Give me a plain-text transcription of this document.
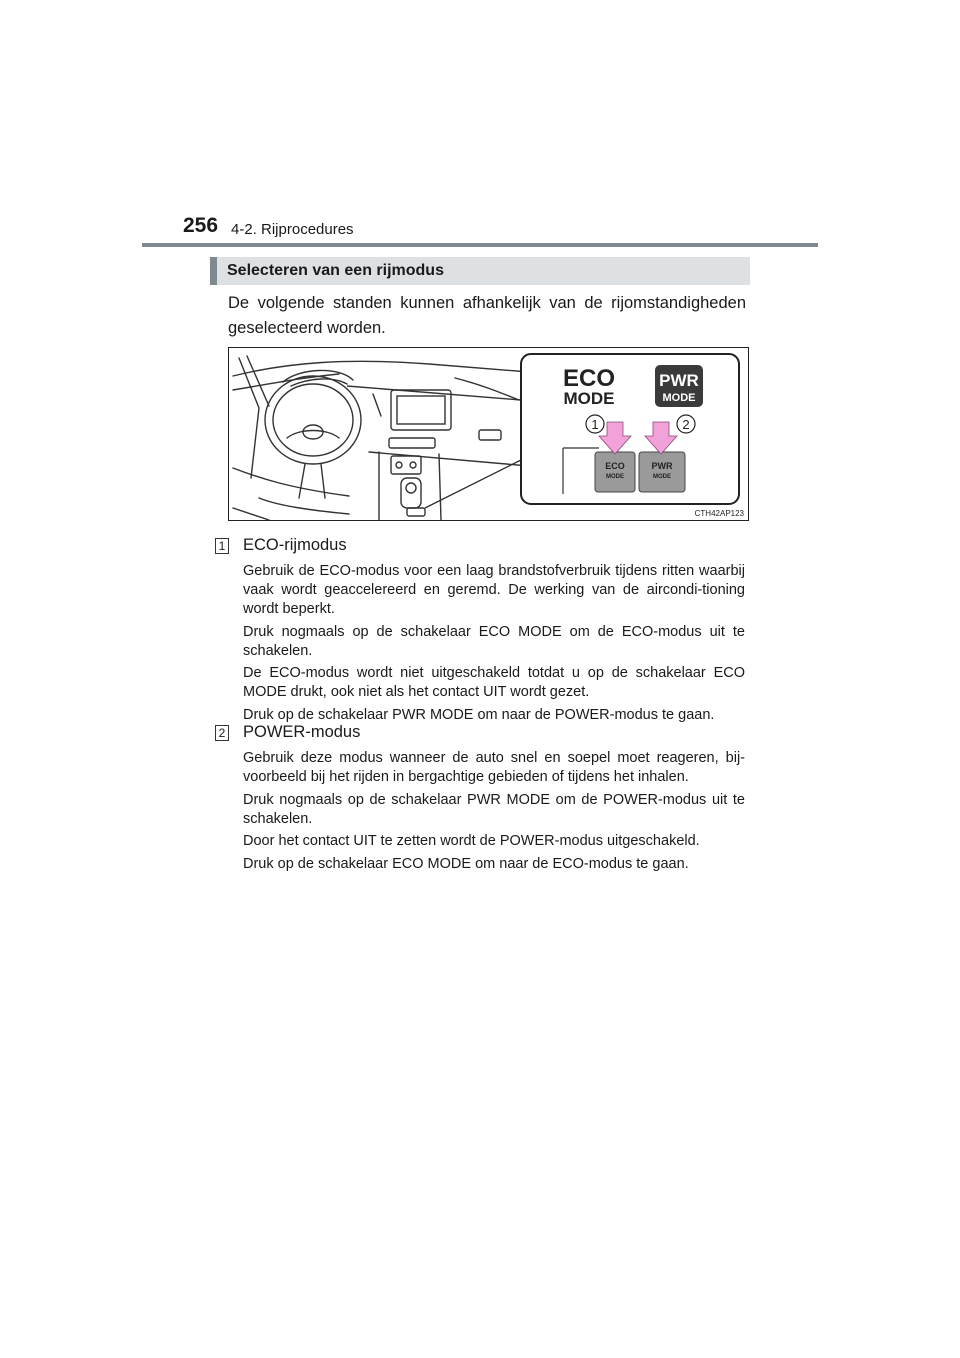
256 4-2. Rijprocedures
Selecteren van een rijmodus
De volgende standen kunnen afhankelijk van de rijomstandigheden geselecteerd worden.
ECO
MODE
PWR
MODE
1	2
ECO
MODE
PWR
MODE
CTH42AP123
1 ECO-rijmodus

Gebruik de ECO-modus voor een laag brandstofverbruik tijdens ritten waarbij vaak wordt geaccelereerd en geremd. De werking van de aircondi-tioning wordt beperkt.

Druk nogmaals op de schakelaar ECO MODE om de ECO-modus uit te schakelen.

De ECO-modus wordt niet uitgeschakeld totdat u op de schakelaar ECO MODE drukt, ook niet als het contact UIT wordt gezet.

Druk op de schakelaar PWR MODE om naar de POWER-modus te gaan.

2 POWER-modus

Gebruik deze modus wanneer de auto snel en soepel moet reageren, bij-voorbeeld bij het rijden in bergachtige gebieden of tijdens het inhalen.

Druk nogmaals op de schakelaar PWR MODE om de POWER-modus uit te schakelen.

Door het contact UIT te zetten wordt de POWER-modus uitgeschakeld.

Druk op de schakelaar ECO MODE om naar de ECO-modus te gaan.
